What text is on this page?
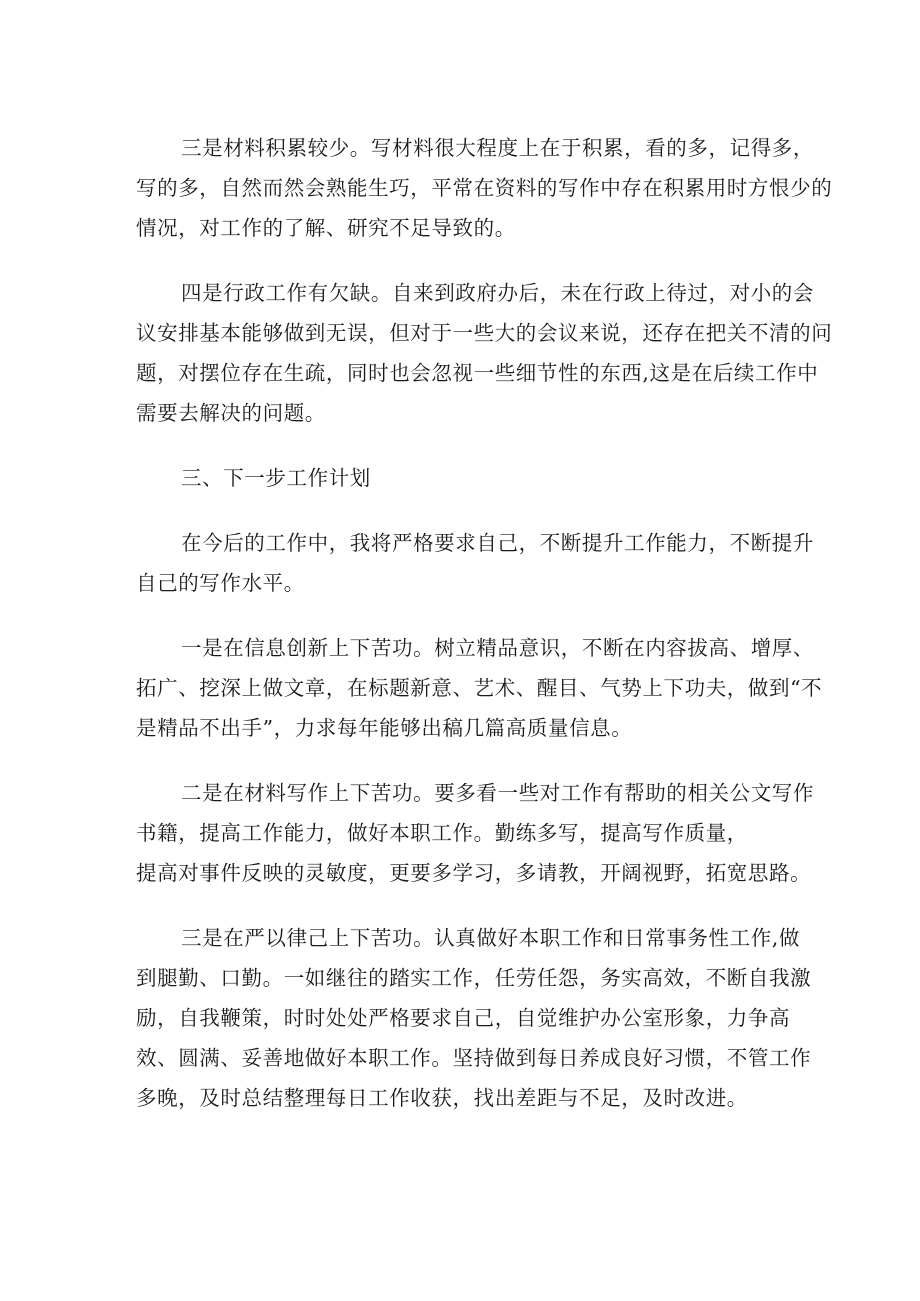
三是材料积累较少。写材料很大程度上在于积累，看的多，记得多，
写的多，自然而然会熟能生巧，平常在资料的写作中存在积累用时方恨少的
情况，对工作的了解、研究不足导致的。
四是行政工作有欠缺。自来到政府办后，未在行政上待过，对小的会
议安排基本能够做到无误，但对于一些大的会议来说，还存在把关不清的问
题，对摆位存在生疏，同时也会忽视一些细节性的东西,这是在后续工作中
需要去解决的问题。
三、下一步工作计划
在今后的工作中，我将严格要求自己，不断提升工作能力，不断提升
自己的写作水平。
一是在信息创新上下苦功。树立精品意识，不断在内容拔高、增厚、
拓广、挖深上做文章，在标题新意、艺术、醒目、气势上下功夫，做到“不
是精品不出手”，力求每年能够出稿几篇高质量信息。
二是在材料写作上下苦功。要多看一些对工作有帮助的相关公文写作
书籍，提高工作能力，做好本职工作。勤练多写，提高写作质量，
提高对事件反映的灵敏度，更要多学习，多请教，开阔视野，拓宽思路。
三是在严以律己上下苦功。认真做好本职工作和日常事务性工作,做
到腿勤、口勤。一如继往的踏实工作，任劳任怨，务实高效，不断自我激
励，自我鞭策，时时处处严格要求自己，自觉维护办公室形象，力争高
效、圆满、妥善地做好本职工作。坚持做到每日养成良好习惯，不管工作
多晚，及时总结整理每日工作收获，找出差距与不足，及时改进。
